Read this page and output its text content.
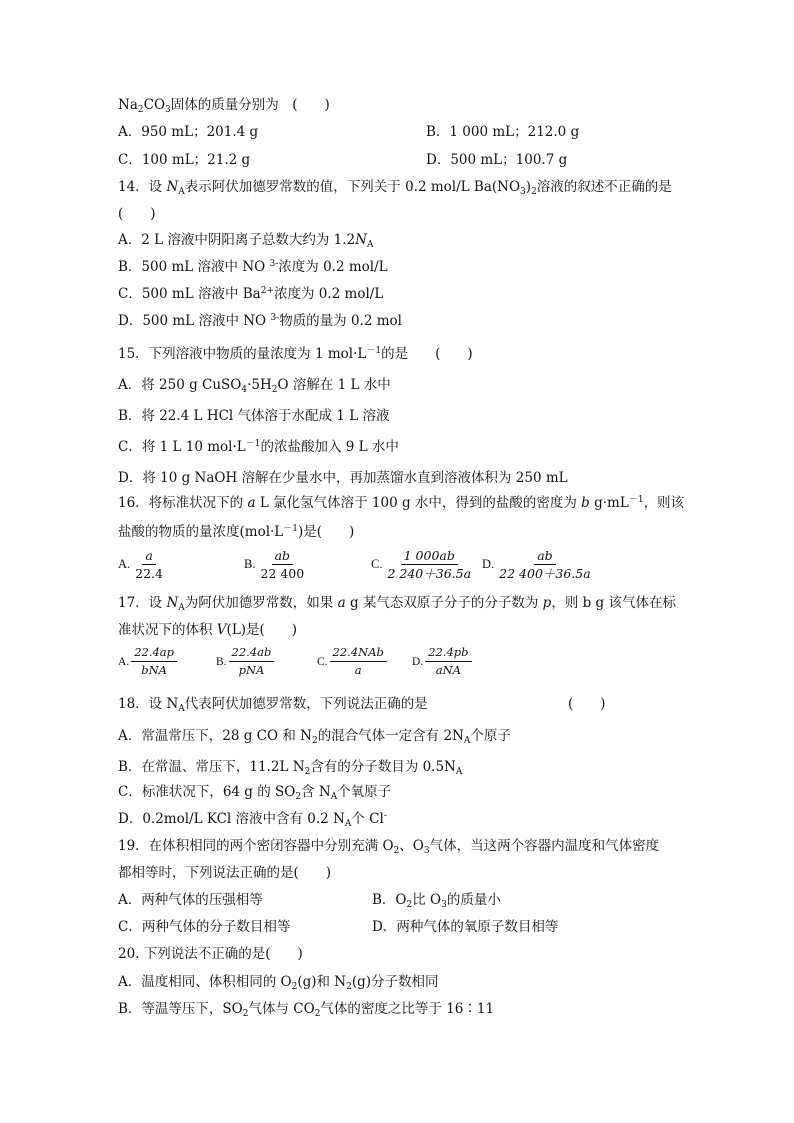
$Na_2CO_3$固体的质量分别为　(　　)
A．950 mL；201.4 g	B．1 000 mL；212.0 g
C．100 mL；21.2 g	D．500 mL；100.7 g
14．设 $N_A$表示阿伏加德罗常数的值，下列关于 0.2 mol/L $Ba(NO_3)_2$溶液的叙述不正确的是
(　　)
A．2 L 溶液中阴阳离子总数大约为 $1.2N_A$
B．500 mL 溶液中 NO $^{3-}$浓度为 0.2 mol/L
C．500 mL 溶液中 $Ba^{2+}$浓度为 0.2 mol/L
D．500 mL 溶液中 NO $^{3-}$物质的量为 0.2 mol
15．下列溶液中物质的量浓度为 1 $mol\cdot L^{-1}$的是　　(　　)
A．将 250 g $CuSO_4\cdot 5H_2O$ 溶解在 1 L 水中
B．将 22.4 L HCl 气体溶于水配成 1 L 溶液
C．将 1 L 10 $mol\cdot L^{-1}$的浓盐酸加入 9 L 水中
D．将 10 g NaOH 溶解在少量水中，再加蒸馏水直到溶液体积为 250 mL
16．将标准状况下的 a L 氯化氢气体溶于 100 g 水中，得到的盐酸的密度为 b $g\cdot mL^{-1}$，则该
盐酸的物质的量浓度$(mol\cdot L^{-1})$是(　　)
A. $\frac{a}{22.4}$	B. $\frac{ab}{22 400}$	C. $\frac{1 000ab}{2 240+36.5a} D$. $\frac{ab}{22 400+36.5a}$
17．设 $N_A$为阿伏加德罗常数，如果 a g 某气态双原子分子的分子数为 p，则 b g 该气体在标
准状况下的体积 V(L)是(　　)
A. $\frac{22.4ap}{\text{bNA}}$	B. $\frac{22.4ab}{\text{pNA}}$	C. $\frac{\text{22.4NAb}}{a} D$. $\frac{22.4pb}{\text{aNA}}$
18．设 $N_A$代表阿伏加德罗常数，下列说法正确的是	(　　)
A．常温常压下，28 g CO 和 $N_2$的混合气体一定含有 $2N_A$个原子
B．在常温、常压下，11.2L $N_2$含有的分子数目为 $0.5N_A$
C．标准状况下，64 g 的 $SO_2$含 $N_A$个氧原子
D．0.2mol/L KCl 溶液中含有 0.2 $N_A$个 Cl-
19．在体积相同的两个密闭容器中分别充满 $O_2$、$O_3$气体，当这两个容器内温度和气体密度
都相等时，下列说法正确的是(　　)
A．两种气体的压强相等	B．$O_2$比 $O_3$的质量小
C．两种气体的分子数目相等	D．两种气体的氧原子数目相等
20. 下列说法不正确的是(　　)
A．温度相同、体积相同的 $O_2(g)$和 $N_2(g)$分子数相同
B．等温等压下，$SO_2$气体与 $CO_2$气体的密度之比等于 16∶11
